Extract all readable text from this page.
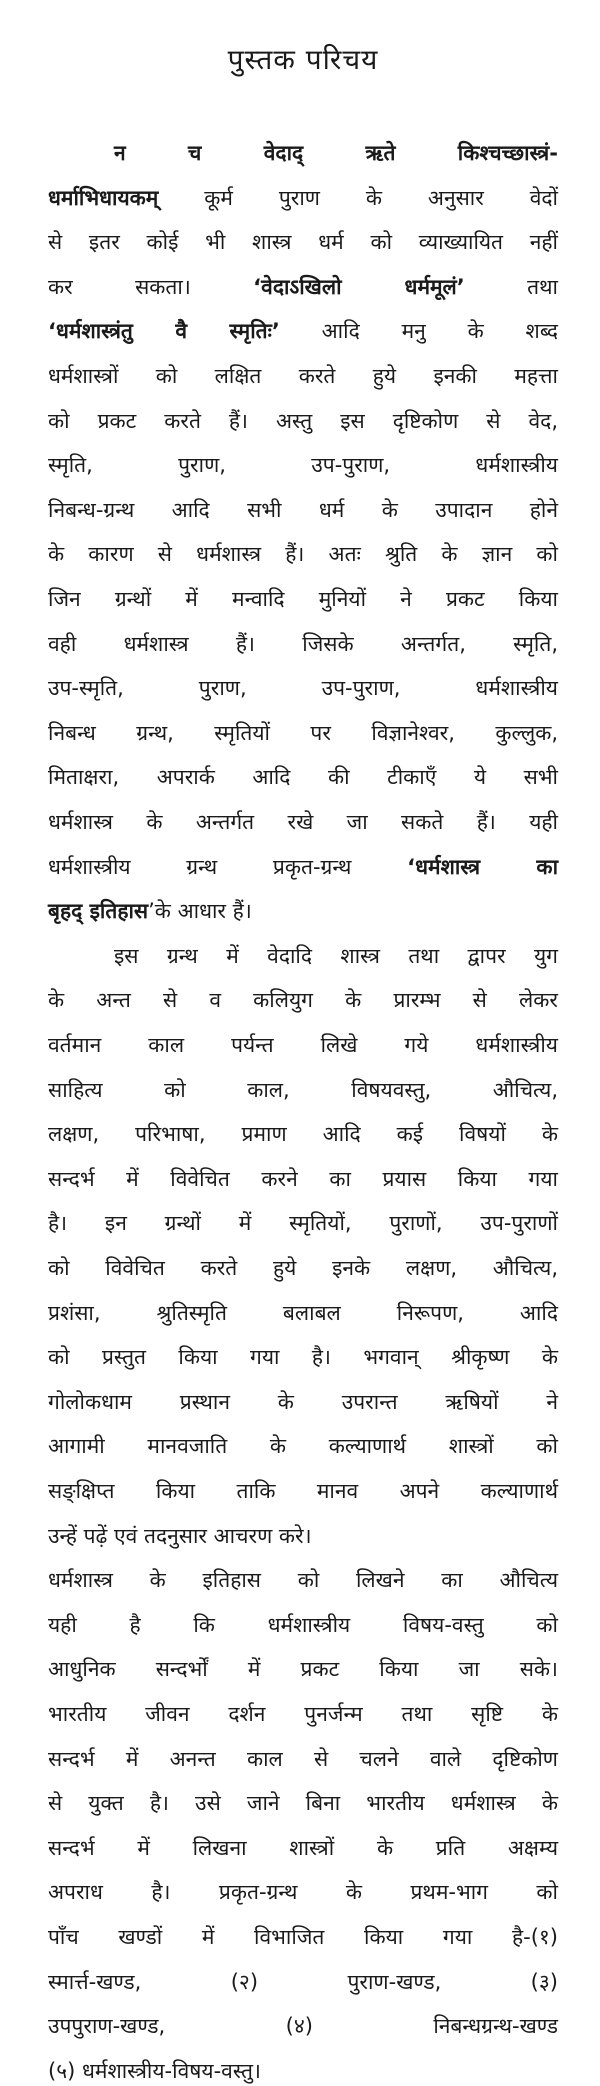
पुस्तक परिचय
न च वेदाद् ऋते किश्चच्छास्त्रं-
धर्माभिधायकम् कूर्म पुराण के अनुसार वेदों
से इतर कोई भी शास्त्र धर्म को व्याख्यायित नहीं
कर सकता। ‘वेदाऽखिलो धर्ममूलं’ तथा
‘धर्मशास्त्रंतु वै स्मृतिः’ आदि मनु के शब्द
धर्मशास्त्रों को लक्षित करते हुये इनकी महत्ता
को प्रकट करते हैं। अस्तु इस दृष्टिकोण से वेद,
स्मृति, पुराण, उप-पुराण, धर्मशास्त्रीय
निबन्ध-ग्रन्थ आदि सभी धर्म के उपादान होने
के कारण से धर्मशास्त्र हैं। अतः श्रुति के ज्ञान को
जिन ग्रन्थों में मन्वादि मुनियों ने प्रकट किया
वही धर्मशास्त्र हैं। जिसके अन्तर्गत, स्मृति,
उप-स्मृति, पुराण, उप-पुराण, धर्मशास्त्रीय
निबन्ध ग्रन्थ, स्मृतियों पर विज्ञानेश्वर, कुल्लुक,
मिताक्षरा, अपरार्क आदि की टीकाएँ ये सभी
धर्मशास्त्र के अन्तर्गत रखे जा सकते हैं। यही
धर्मशास्त्रीय ग्रन्थ प्रकृत-ग्रन्थ ‘धर्मशास्त्र का
बृहद् इतिहास’के आधार हैं।
इस ग्रन्थ में वेदादि शास्त्र तथा द्वापर युग
के अन्त से व कलियुग के प्रारम्भ से लेकर
वर्तमान काल पर्यन्त लिखे गये धर्मशास्त्रीय
साहित्य को काल, विषयवस्तु, औचित्य,
लक्षण, परिभाषा, प्रमाण आदि कई विषयों के
सन्दर्भ में विवेचित करने का प्रयास किया गया
है। इन ग्रन्थों में स्मृतियों, पुराणों, उप-पुराणों
को विवेचित करते हुये इनके लक्षण, औचित्य,
प्रशंसा, श्रुतिस्मृति बलाबल निरूपण, आदि
को प्रस्तुत किया गया है। भगवान् श्रीकृष्ण के
गोलोकधाम प्रस्थान के उपरान्त ऋषियों ने
आगामी मानवजाति के कल्याणार्थ शास्त्रों को
सङ्क्षिप्त किया ताकि मानव अपने कल्याणार्थ
उन्हें पढ़ें एवं तदनुसार आचरण करे।
धर्मशास्त्र के इतिहास को लिखने का औचित्य
यही है कि धर्मशास्त्रीय विषय-वस्तु को
आधुनिक सन्दर्भों में प्रकट किया जा सके।
भारतीय जीवन दर्शन पुनर्जन्म तथा सृष्टि के
सन्दर्भ में अनन्त काल से चलने वाले दृष्टिकोण
से युक्त है। उसे जाने बिना भारतीय धर्मशास्त्र के
सन्दर्भ में लिखना शास्त्रों के प्रति अक्षम्य
अपराध है। प्रकृत-ग्रन्थ के प्रथम-भाग को
पाँच खण्डों में विभाजित किया गया है-(१)
स्मार्त्त-खण्ड, (२) पुराण-खण्ड, (३)
उपपुराण-खण्ड, (४) निबन्धग्रन्थ-खण्ड
(५) धर्मशास्त्रीय-विषय-वस्तु।
